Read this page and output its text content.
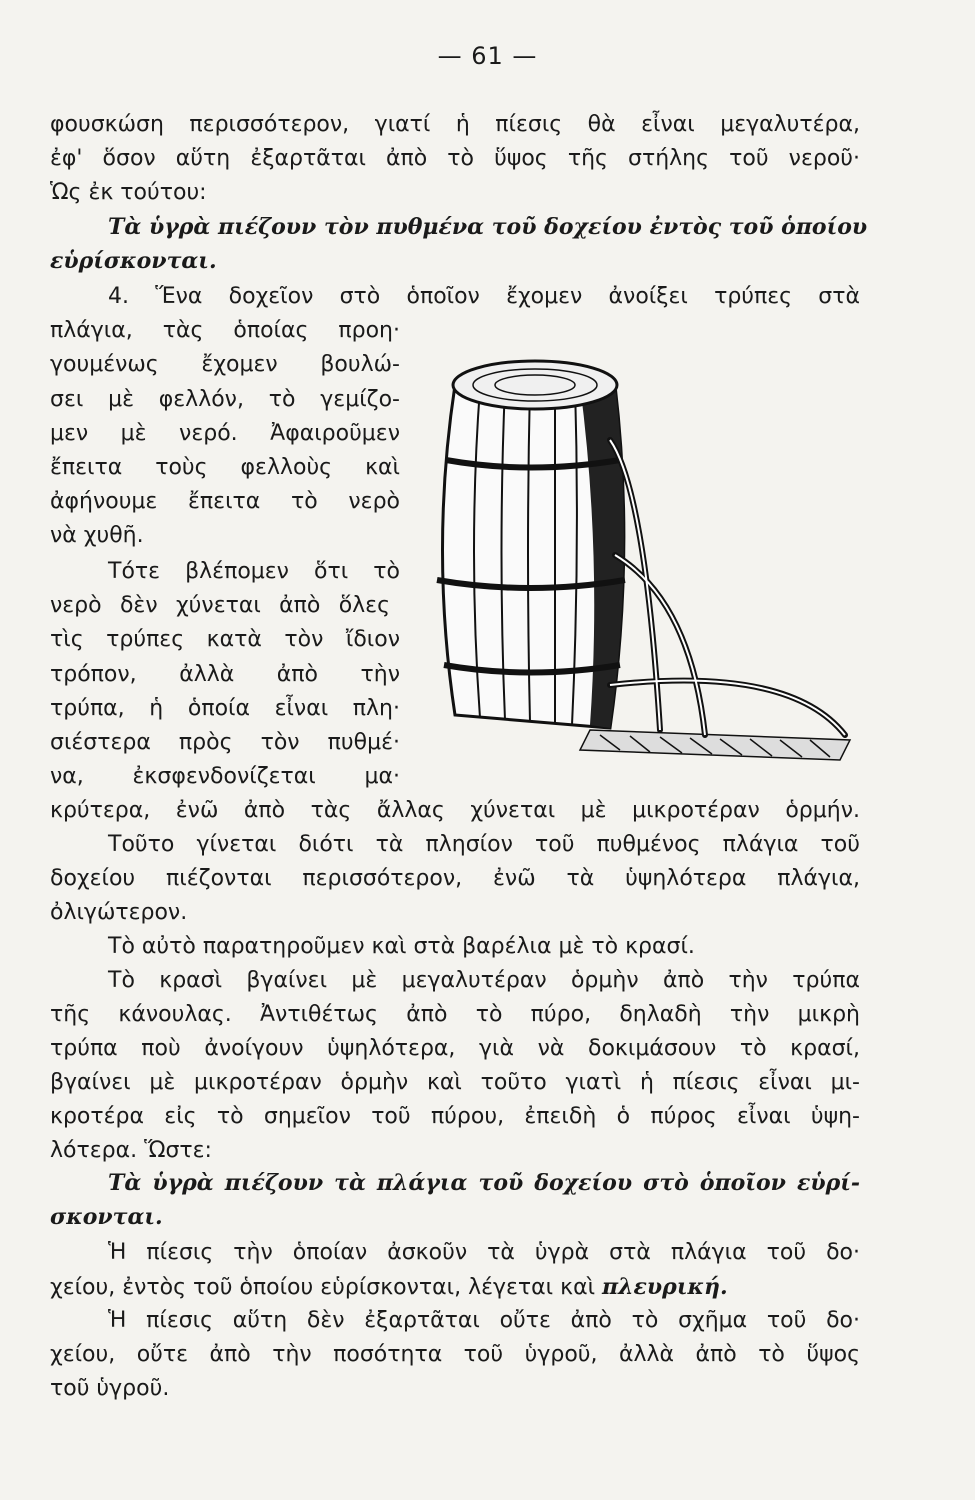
— 61 —
φουσκώση περισσότερον, γιατί ἡ πίεσις θὰ εἶναι μεγαλυτέρα,
ἐφ' ὅσον αὕτη ἐξαρτᾶται ἀπὸ τὸ ὕψος τῆς στήλης τοῦ νεροῦ·
Ὡς ἐκ τούτου:
Τὰ ὑγρὰ πιέζουν τὸν πυθμένα τοῦ δοχείου ἐντὸς τοῦ ὁποίου
εὑρίσκονται.
4. Ἕνα δοχεῖον στὸ ὁποῖον ἔχομεν ἀνοίξει τρύπες στὰ
πλάγια, τὰς ὁποίας προη·
γουμένως ἔχομεν βουλώ-
σει μὲ φελλόν, τὸ γεμίζο-
μεν μὲ νερό. Ἀφαιροῦμεν
ἔπειτα τοὺς φελλοὺς καὶ
ἀφήνουμε ἔπειτα τὸ νερὸ
νὰ χυθῆ.
Τότε βλέπομεν ὅτι τὸ
νερὸ δὲν χύνεται ἀπὸ ὅλες
τὶς τρύπες κατὰ τὸν ἴδιον
τρόπον, ἀλλὰ ἀπὸ τὴν
τρύπα, ἡ ὁποία εἶναι πλη·
σιέστερα πρὸς τὸν πυθμέ·
να, ἐκσφενδονίζεται μα·
κρύτερα, ἐνῶ ἀπὸ τὰς ἄλλας χύνεται μὲ μικροτέραν ὁρμήν.
Τοῦτο γίνεται διότι τὰ πλησίον τοῦ πυθμένος πλάγια τοῦ
δοχείου πιέζονται περισσότερον, ἐνῶ τὰ ὑψηλότερα πλάγια,
ὀλιγώτερον.
Τὸ αὐτὸ παρατηροῦμεν καὶ στὰ βαρέλια μὲ τὸ κρασί.
Τὸ κρασὶ βγαίνει μὲ μεγαλυτέραν ὁρμὴν ἀπὸ τὴν τρύπα
τῆς κάνουλας. Ἀντιθέτως ἀπὸ τὸ πύρο, δηλαδὴ τὴν μικρὴ
τρύπα ποὺ ἀνοίγουν ὑψηλότερα, γιὰ νὰ δοκιμάσουν τὸ κρασί,
βγαίνει μὲ μικροτέραν ὁρμὴν καὶ τοῦτο γιατὶ ἡ πίεσις εἶναι μι-
κροτέρα εἰς τὸ σημεῖον τοῦ πύρου, ἐπειδὴ ὁ πύρος εἶναι ὑψη-
λότερα. Ὥστε:
Τὰ ὑγρὰ πιέζουν τὰ πλάγια τοῦ δοχείου στὸ ὁποῖον εὑρί-
σκονται.
Ἡ πίεσις τὴν ὁποίαν ἀσκοῦν τὰ ὑγρὰ στὰ πλάγια τοῦ δο·
χείου, ἐντὸς τοῦ ὁποίου εὑρίσκονται, λέγεται καὶ πλευρική.
Ἡ πίεσις αὕτη δὲν ἐξαρτᾶται οὔτε ἀπὸ τὸ σχῆμα τοῦ δο·
χείου, οὔτε ἀπὸ τὴν ποσότητα τοῦ ὑγροῦ, ἀλλὰ ἀπὸ τὸ ὕψος
τοῦ ὑγροῦ.
